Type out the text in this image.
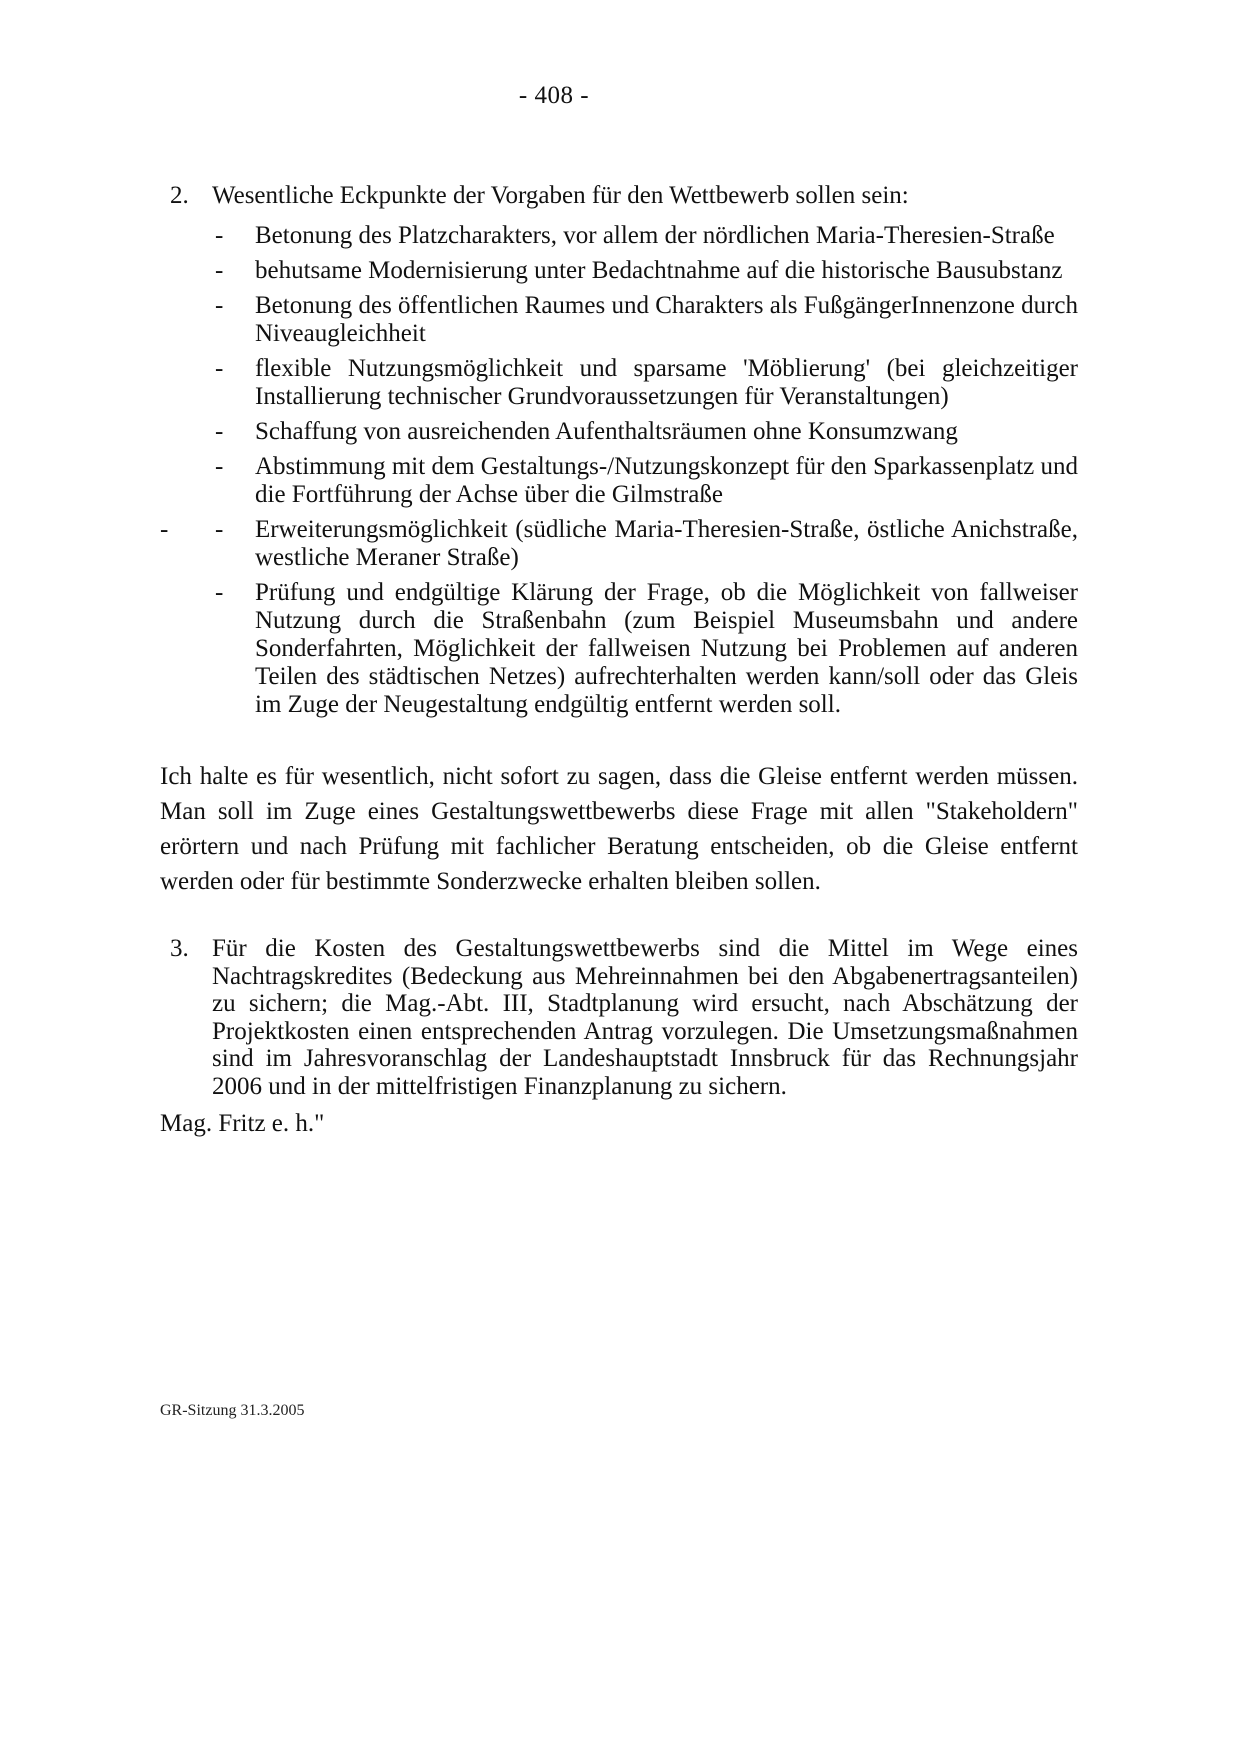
- 408 -
2. Wesentliche Eckpunkte der Vorgaben für den Wettbewerb sollen sein:
-	Betonung des Platzcharakters, vor allem der nördlichen Maria-Theresien-Straße
-	behutsame Modernisierung unter Bedachtnahme auf die historische Bausubstanz
-	Betonung des öffentlichen Raumes und Charakters als FußgängerInnenzone durch Niveaugleichheit
-	flexible Nutzungsmöglichkeit und sparsame 'Möblierung' (bei gleichzeitiger Installierung technischer Grundvoraussetzungen für Veranstaltungen)
-	Schaffung von ausreichenden Aufenthaltsräumen ohne Konsumzwang
-	Abstimmung mit dem Gestaltungs-/Nutzungskonzept für den Sparkassenplatz und die Fortführung der Achse über die Gilmstraße
-	-	Erweiterungsmöglichkeit (südliche Maria-Theresien-Straße, östliche Anichstraße, westliche Meraner Straße)
-	Prüfung und endgültige Klärung der Frage, ob die Möglichkeit von fallweiser Nutzung durch die Straßenbahn (zum Beispiel Museumsbahn und andere Sonderfahrten, Möglichkeit der fallweisen Nutzung bei Problemen auf anderen Teilen des städtischen Netzes) aufrechterhalten werden kann/soll oder das Gleis im Zuge der Neugestaltung endgültig entfernt werden soll.
Ich halte es für wesentlich, nicht sofort zu sagen, dass die Gleise entfernt werden müssen. Man soll im Zuge eines Gestaltungswettbewerbs diese Frage mit allen "Stakeholdern" erörtern und nach Prüfung mit fachlicher Beratung entscheiden, ob die Gleise entfernt werden oder für bestimmte Sonderzwecke erhalten bleiben sollen.
3. Für die Kosten des Gestaltungswettbewerbs sind die Mittel im Wege eines Nachtragskredites (Bedeckung aus Mehreinnahmen bei den Abgabenertragsanteilen) zu sichern; die Mag.-Abt. III, Stadtplanung wird ersucht, nach Abschätzung der Projektkosten einen entsprechenden Antrag vorzulegen. Die Umsetzungsmaßnahmen sind im Jahresvoranschlag der Landeshauptstadt Innsbruck für das Rechnungsjahr 2006 und in der mittelfristigen Finanzplanung zu sichern.
Mag. Fritz e. h."
GR-Sitzung 31.3.2005
